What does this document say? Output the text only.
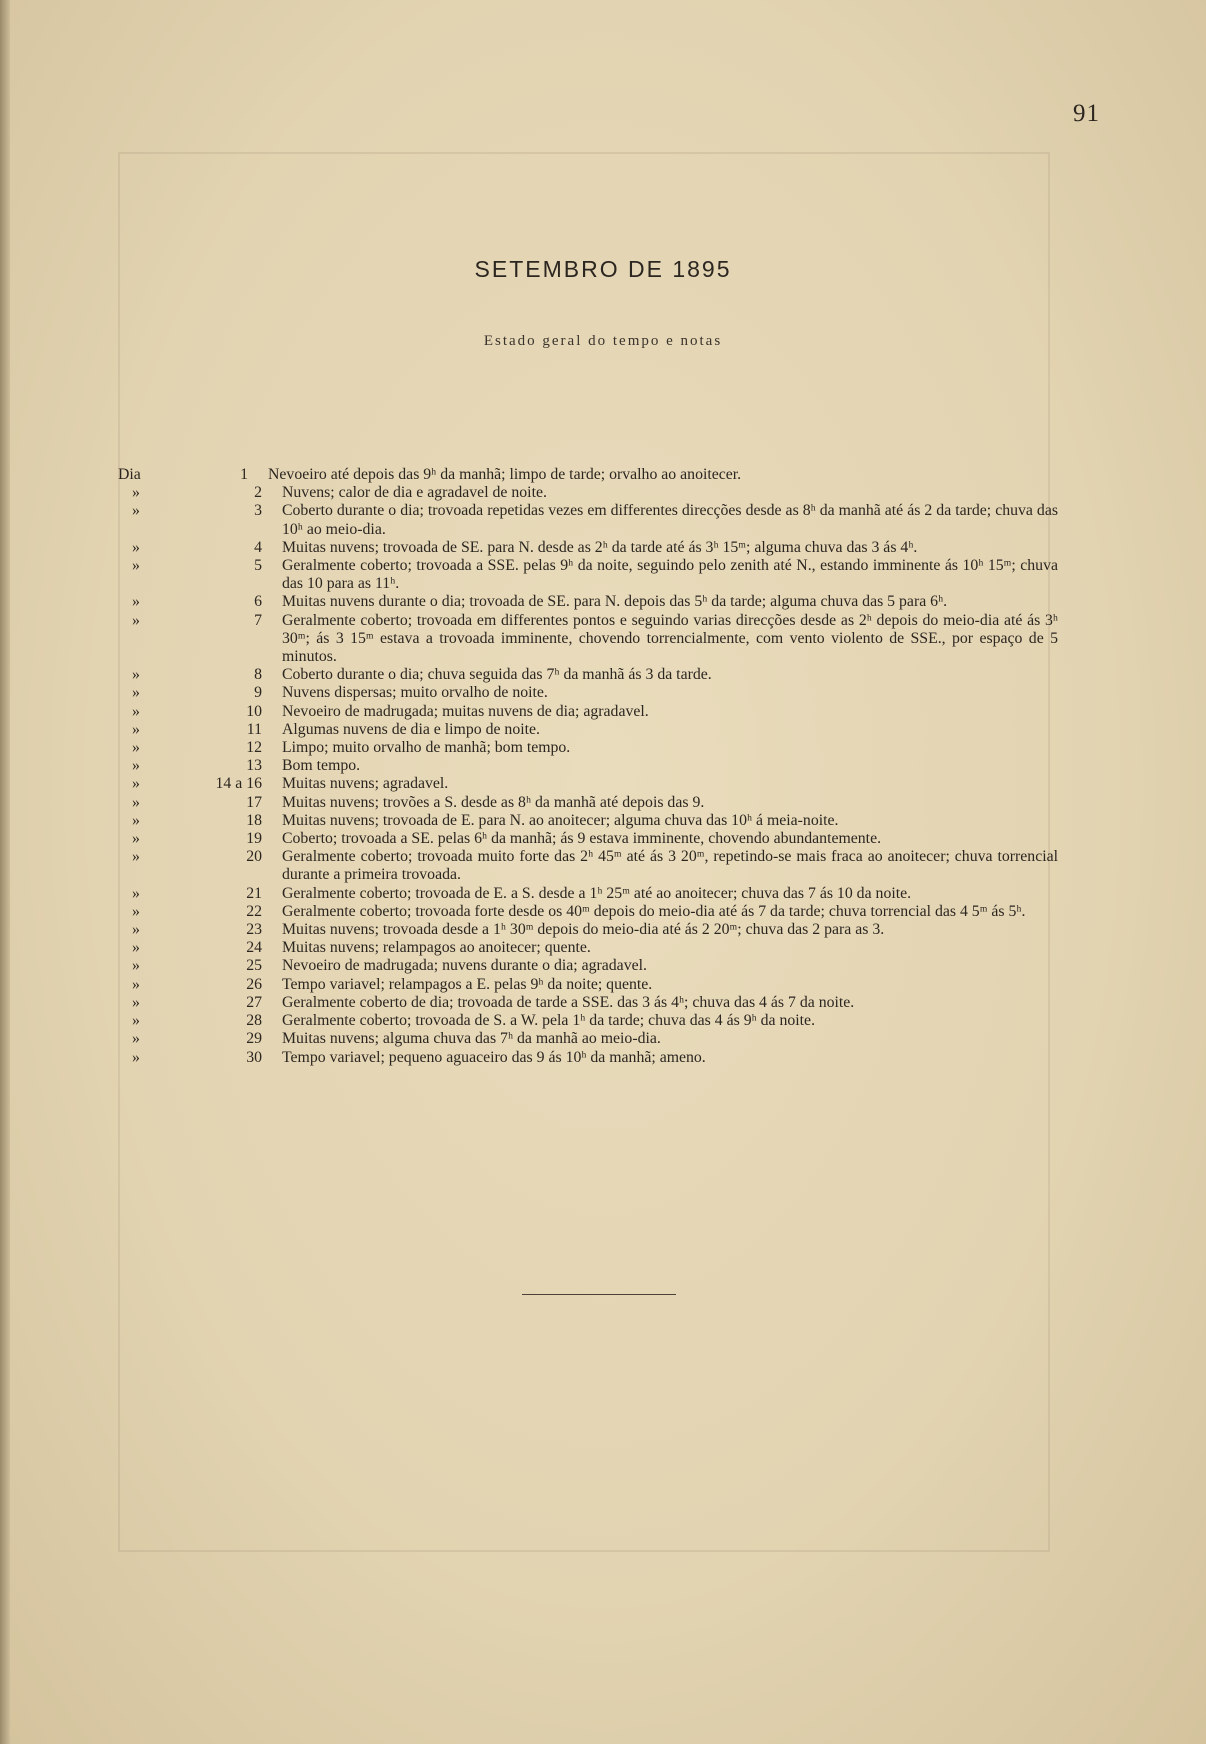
91
SETEMBRO DE 1895
Estado geral do tempo e notas
Dia	1	Nevoeiro até depois das 9ʰ da manhã; limpo de tarde; orvalho ao anoitecer.
»	2	Nuvens; calor de dia e agradavel de noite.
»	3	Coberto durante o dia; trovoada repetidas vezes em differentes direcções desde as 8ʰ da manhã até ás 2 da tarde; chuva das 10ʰ ao meio-dia.
»	4	Muitas nuvens; trovoada de SE. para N. desde as 2ʰ da tarde até ás 3ʰ 15ᵐ; alguma chuva das 3 ás 4ʰ.
»	5	Geralmente coberto; trovoada a SSE. pelas 9ʰ da noite, seguindo pelo zenith até N., estando imminente ás 10ʰ 15ᵐ; chuva das 10 para as 11ʰ.
»	6	Muitas nuvens durante o dia; trovoada de SE. para N. depois das 5ʰ da tarde; alguma chuva das 5 para 6ʰ.
»	7	Geralmente coberto; trovoada em differentes pontos e seguindo varias direcções desde as 2ʰ depois do meio-dia até ás 3ʰ 30ᵐ; ás 3 15ᵐ estava a trovoada imminente, chovendo torrencialmente, com vento violento de SSE., por espaço de 5 minutos.
»	8	Coberto durante o dia; chuva seguida das 7ʰ da manhã ás 3 da tarde.
»	9	Nuvens dispersas; muito orvalho de noite.
»	10	Nevoeiro de madrugada; muitas nuvens de dia; agradavel.
»	11	Algumas nuvens de dia e limpo de noite.
»	12	Limpo; muito orvalho de manhã; bom tempo.
»	13	Bom tempo.
»	14 a 16	Muitas nuvens; agradavel.
»	17	Muitas nuvens; trovões a S. desde as 8ʰ da manhã até depois das 9.
»	18	Muitas nuvens; trovoada de E. para N. ao anoitecer; alguma chuva das 10ʰ á meia-noite.
»	19	Coberto; trovoada a SE. pelas 6ʰ da manhã; ás 9 estava imminente, chovendo abundantemente.
»	20	Geralmente coberto; trovoada muito forte das 2ʰ 45ᵐ até ás 3 20ᵐ, repetindo-se mais fraca ao anoitecer; chuva torrencial durante a primeira trovoada.
»	21	Geralmente coberto; trovoada de E. a S. desde a 1ʰ 25ᵐ até ao anoitecer; chuva das 7 ás 10 da noite.
»	22	Geralmente coberto; trovoada forte desde os 40ᵐ depois do meio-dia até ás 7 da tarde; chuva torrencial das 4 5ᵐ ás 5ʰ.
»	23	Muitas nuvens; trovoada desde a 1ʰ 30ᵐ depois do meio-dia até ás 2 20ᵐ; chuva das 2 para as 3.
»	24	Muitas nuvens; relampagos ao anoitecer; quente.
»	25	Nevoeiro de madrugada; nuvens durante o dia; agradavel.
»	26	Tempo variavel; relampagos a E. pelas 9ʰ da noite; quente.
»	27	Geralmente coberto de dia; trovoada de tarde a SSE. das 3 ás 4ʰ; chuva das 4 ás 7 da noite.
»	28	Geralmente coberto; trovoada de S. a W. pela 1ʰ da tarde; chuva das 4 ás 9ʰ da noite.
»	29	Muitas nuvens; alguma chuva das 7ʰ da manhã ao meio-dia.
»	30	Tempo variavel; pequeno aguaceiro das 9 ás 10ʰ da manhã; ameno.
